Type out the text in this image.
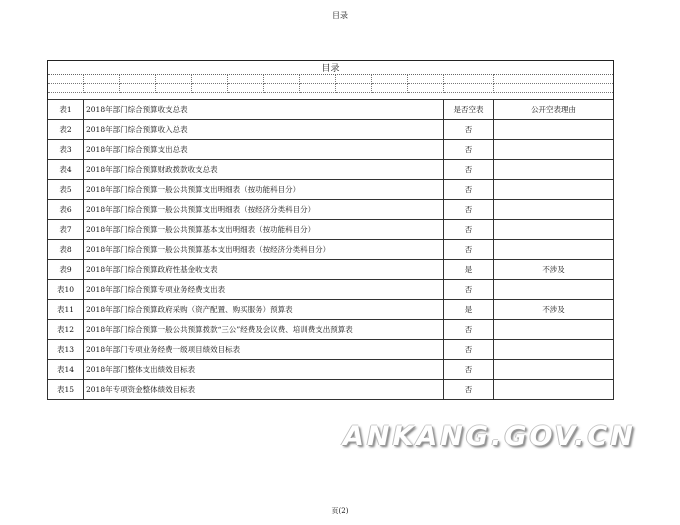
目录
目录												

表1	2018年部门综合预算收支总表										是否空表	公开空表理由
表2	2018年部门综合预算收入总表										否	
表3	2018年部门综合预算支出总表										否	
表4	2018年部门综合预算财政拨款收支总表										否	
表5	2018年部门综合预算一般公共预算支出明细表（按功能科目分）										否	
表6	2018年部门综合预算一般公共预算支出明细表（按经济分类科目分）										否	
表7	2018年部门综合预算一般公共预算基本支出明细表（按功能科目分）										否	
表8	2018年部门综合预算一般公共预算基本支出明细表（按经济分类科目分）										否	
表9	2018年部门综合预算政府性基金收支表										是	不涉及
表10	2018年部门综合预算专项业务经费支出表										否	
表11	2018年部门综合预算政府采购（资产配置、购买服务）预算表										是	不涉及
表12	2018年部门综合预算一般公共预算拨款“三公”经费及会议费、培训费支出预算表										否	
表13	2018年部门专项业务经费一级项目绩效目标表										否	
表14	2018年部门整体支出绩效目标表										否	
表15	2018年专项资金整体绩效目标表										否	
ANKANG.GOV.CN
页(2)
